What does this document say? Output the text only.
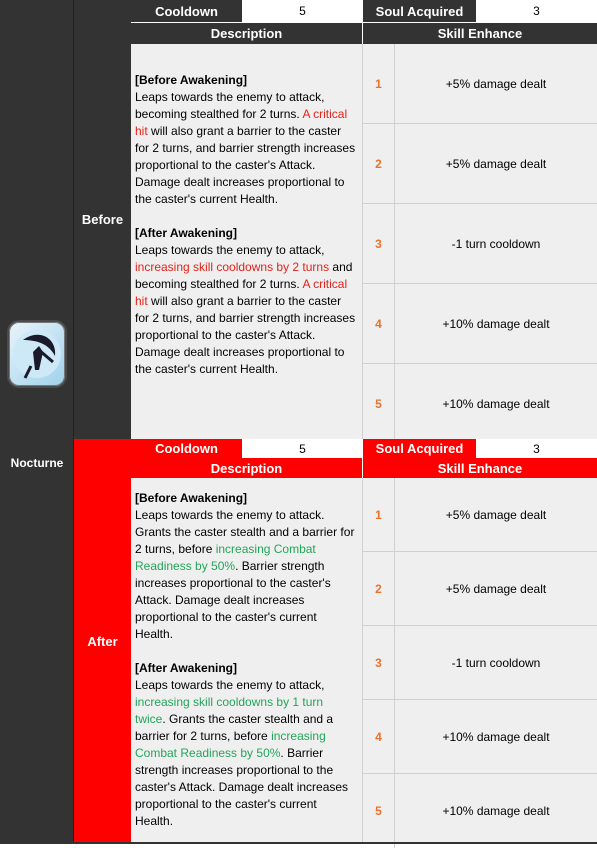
Nocturne
Before
After
Cooldown	5	Soul Acquired	3
Description	Skill Enhance

[Before Awakening]

Leaps towards the enemy to attack, becoming stealthed for 2 turns. A critical hit will also grant a barrier to the caster for 2 turns, and barrier strength increases proportional to the caster's Attack. Damage dealt increases proportional to the caster's current Health.

[After Awakening]

Leaps towards the enemy to attack, increasing skill cooldowns by 2 turns and becoming stealthed for 2 turns. A critical hit will also grant a barrier to the caster for 2 turns, and barrier strength increases proportional to the caster's Attack. Damage dealt increases proportional to the caster's current Health.

1	+5% damage dealt
2	+5% damage dealt
3	-1 turn cooldown
4	+10% damage dealt
5	+10% damage dealt
Cooldown	5	Soul Acquired	3
Description	Skill Enhance

[Before Awakening]

Leaps towards the enemy to attack. Grants the caster stealth and a barrier for 2 turns, before increasing Combat Readiness by 50%. Barrier strength increases proportional to the caster's Attack. Damage dealt increases proportional to the caster's current Health.

[After Awakening]

Leaps towards the enemy to attack, increasing skill cooldowns by 1 turn twice. Grants the caster stealth and a barrier for 2 turns, before increasing Combat Readiness by 50%. Barrier strength increases proportional to the caster's Attack. Damage dealt increases proportional to the caster's current Health.

1	+5% damage dealt
2	+5% damage dealt
3	-1 turn cooldown
4	+10% damage dealt
5	+10% damage dealt
